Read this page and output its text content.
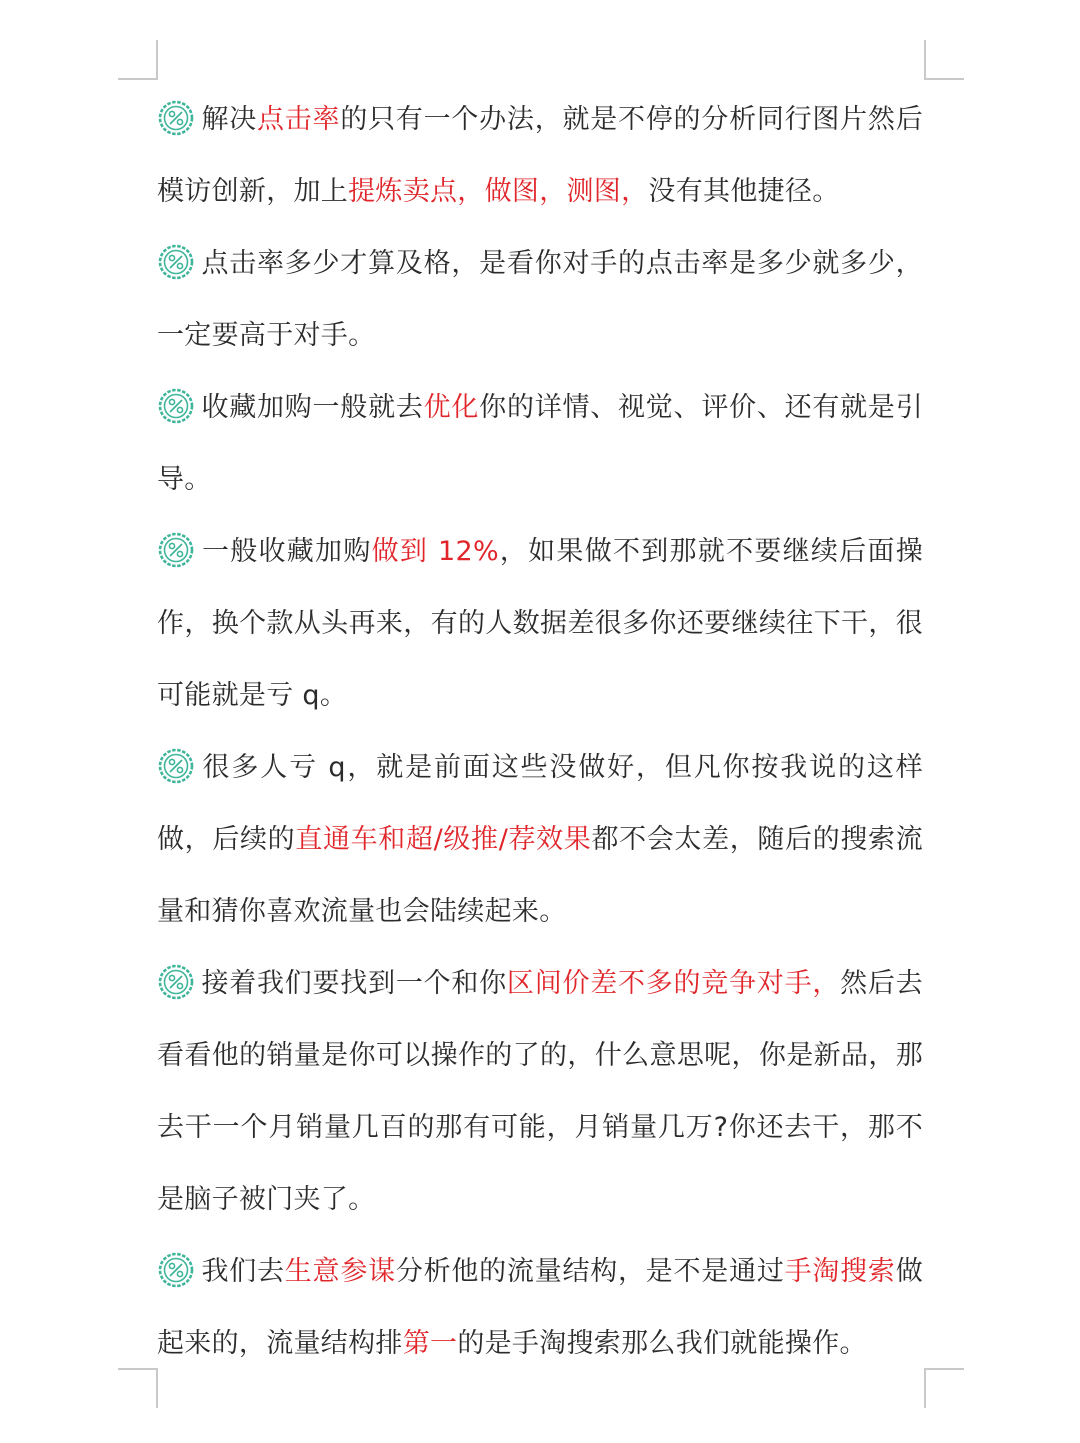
解决点击率的只有一个办法，就是不停的分析同行图片然后模访创新，加上提炼卖点，做图，测图，没有其他捷径。

点击率多少才算及格，是看你对手的点击率是多少就多少，一定要高于对手。

收藏加购一般就去优化你的详情、视觉、评价、还有就是引导。

一般收藏加购做到 12%，如果做不到那就不要继续后面操作，换个款从头再来，有的人数据差很多你还要继续往下干，很可能就是亏 q。

很多人亏 q，就是前面这些没做好，但凡你按我说的这样做，后续的直通车和超/级推/荐效果都不会太差，随后的搜索流量和猜你喜欢流量也会陆续起来。

接着我们要找到一个和你区间价差不多的竞争对手，然后去看看他的销量是你可以操作的了的，什么意思呢，你是新品，那去干一个月销量几百的那有可能，月销量几万?你还去干，那不是脑子被门夹了。

我们去生意参谋分析他的流量结构，是不是通过手淘搜索做起来的，流量结构排第一的是手淘搜索那么我们就能操作。
